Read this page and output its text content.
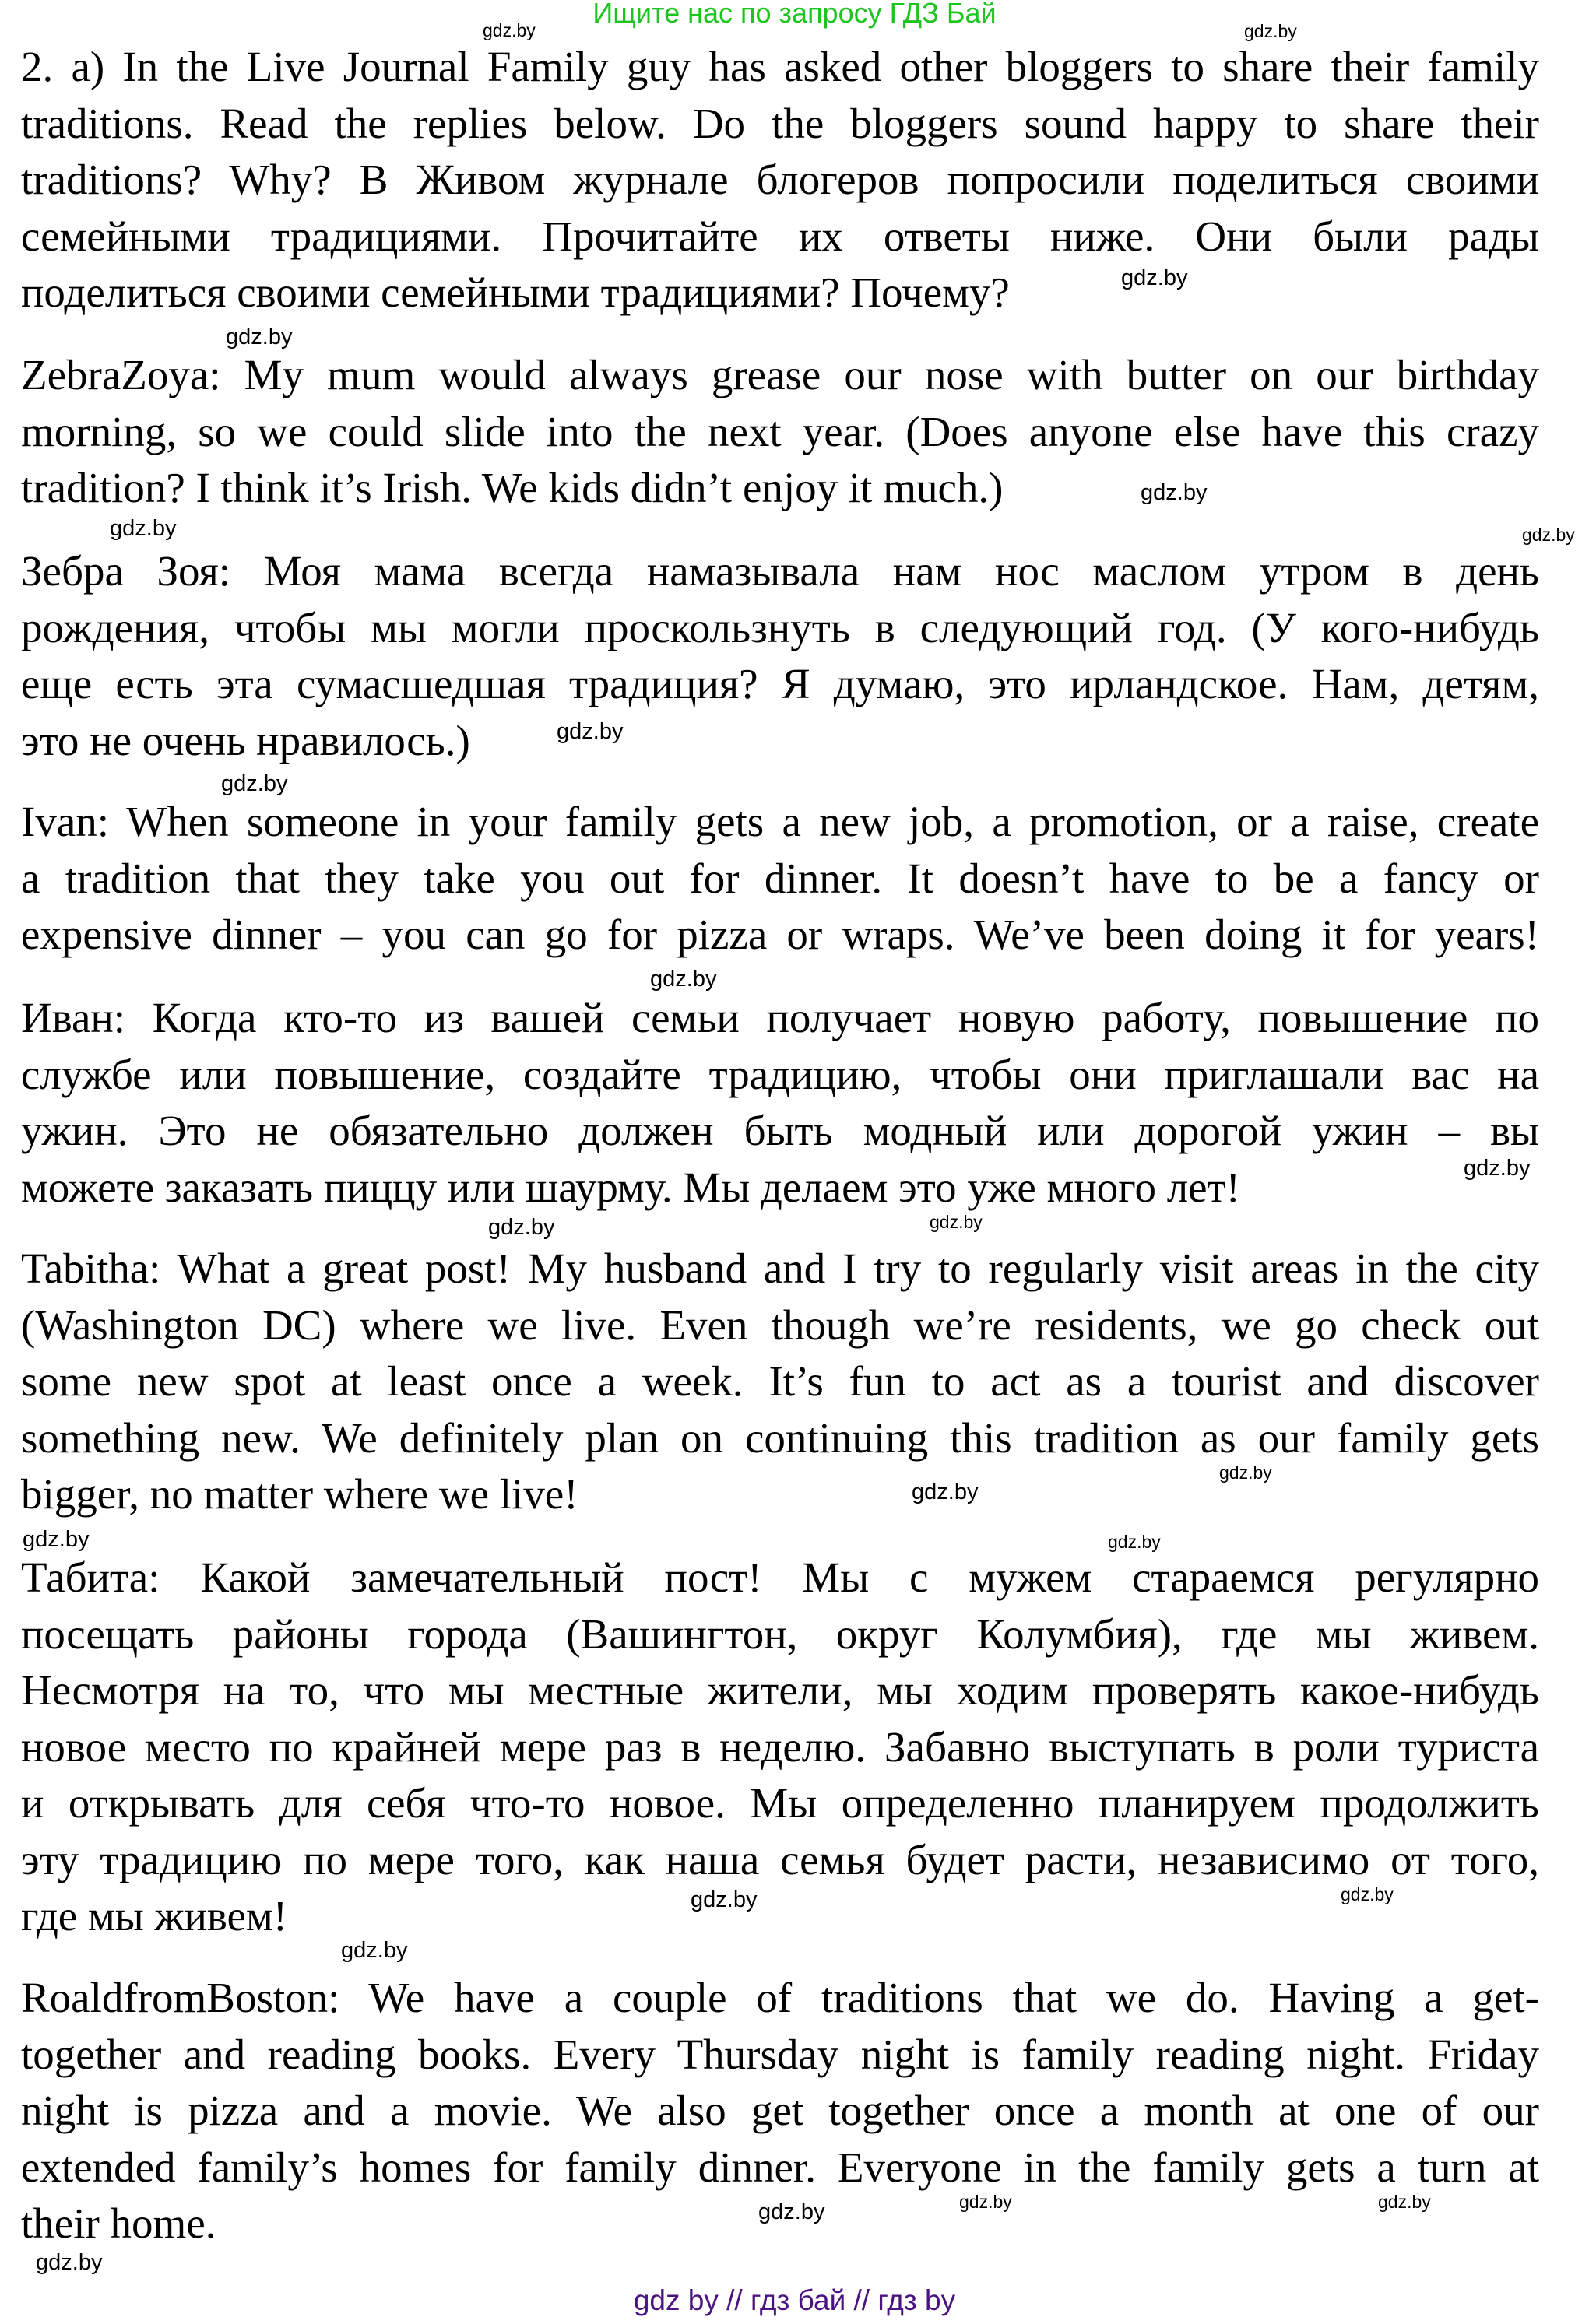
Ищите нас по запросу ГДЗ Бай
2. a) In the Live Journal Family guy has asked other bloggers to share their family
traditions. Read the replies below. Do the bloggers sound happy to share their
traditions? Why? В Живом журнале блогеров попросили поделиться своими
семейными традициями. Прочитайте их ответы ниже. Они были рады
поделиться своими семейными традициями? Почему?
ZebraZoya: My mum would always grease our nose with butter on our birthday
morning, so we could slide into the next year. (Does anyone else have this crazy
tradition? I think it’s Irish. We kids didn’t enjoy it much.)
Зебра Зоя: Моя мама всегда намазывала нам нос маслом утром в день
рождения, чтобы мы могли проскользнуть в следующий год. (У кого-нибудь
еще есть эта сумасшедшая традиция? Я думаю, это ирландское. Нам, детям,
это не очень нравилось.)
Ivan: When someone in your family gets a new job, a promotion, or a raise, create
a tradition that they take you out for dinner. It doesn’t have to be a fancy or
expensive dinner – you can go for pizza or wraps. We’ve been doing it for years!
Иван: Когда кто-то из вашей семьи получает новую работу, повышение по
службе или повышение, создайте традицию, чтобы они приглашали вас на
ужин. Это не обязательно должен быть модный или дорогой ужин – вы
можете заказать пиццу или шаурму. Мы делаем это уже много лет!
Tabitha: What a great post! My husband and I try to regularly visit areas in the city
(Washington DC) where we live. Even though we’re residents, we go check out
some new spot at least once a week. It’s fun to act as a tourist and discover
something new. We definitely plan on continuing this tradition as our family gets
bigger, no matter where we live!
Табита: Какой замечательный пост! Мы с мужем стараемся регулярно
посещать районы города (Вашингтон, округ Колумбия), где мы живем.
Несмотря на то, что мы местные жители, мы ходим проверять какое-нибудь
новое место по крайней мере раз в неделю. Забавно выступать в роли туриста
и открывать для себя что-то новое. Мы определенно планируем продолжить
эту традицию по мере того, как наша семья будет расти, независимо от того,
где мы живем!
RoaldfromBoston: We have a couple of traditions that we do. Having a get-
together and reading books. Every Thursday night is family reading night. Friday
night is pizza and a movie. We also get together once a month at one of our
extended family’s homes for family dinner. Everyone in the family gets a turn at
their home.
gdz.by
gdz.by
gdz.by
gdz.by
gdz.by
gdz.by	gdz.by
gdz.by
gdz.by
gdz.by
gdz.by
gdz.by
gdz.by
gdz.by
gdz.by
gdz.by	gdz.by
gdz.by
gdz.by
gdz.by
gdz.by	gdz.by
gdz.by
gdz.by
gdz by // гдз бай // гдз by
